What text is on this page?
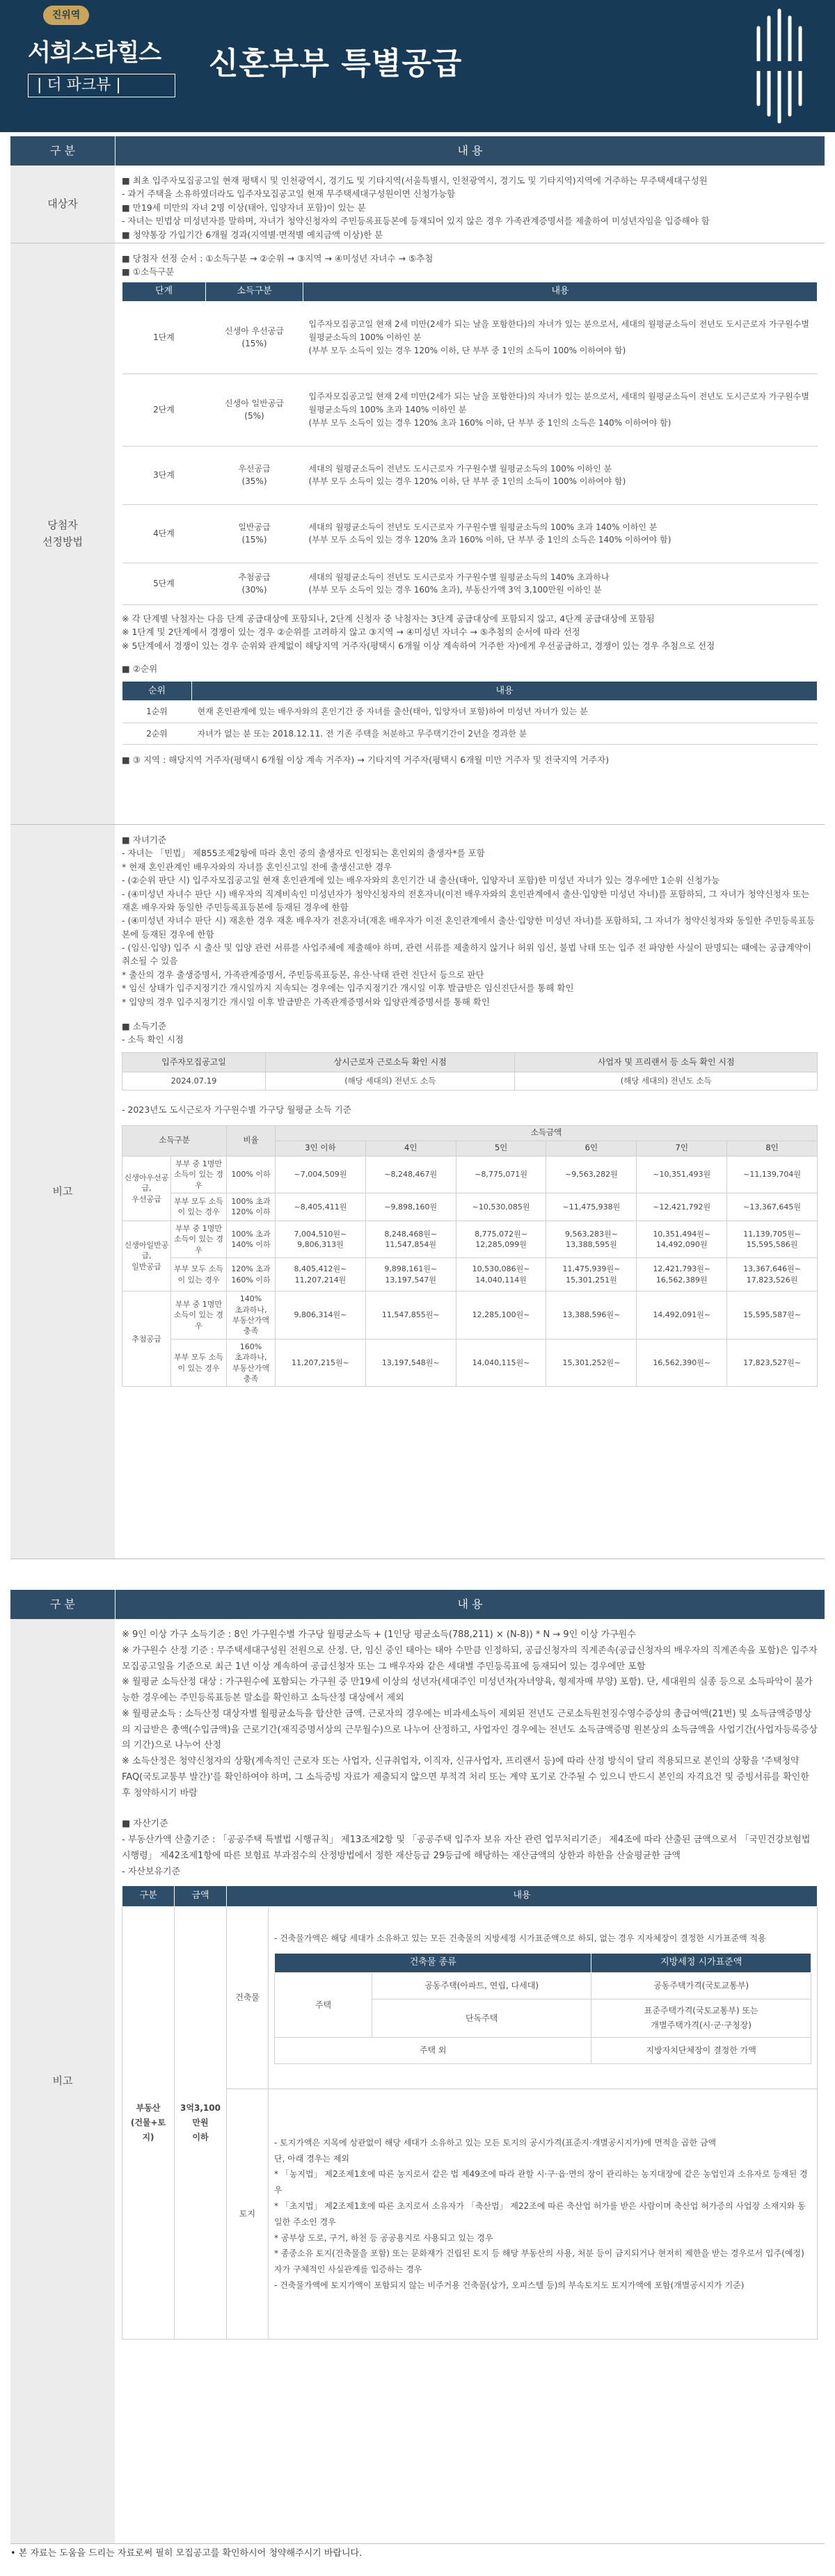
진위역
서희스타힐스
| 더 파크뷰 |
신혼부부 특별공급
구 분	내 용
대상자

■ 최초 입주자모집공고일 현재 평택시 및 인천광역시, 경기도 및 기타지역(서울특별시, 인천광역시, 경기도 및 기타지역)지역에 거주하는 무주택세대구성원

- 과거 주택을 소유하였더라도 입주자모집공고일 현재 무주택세대구성원이면 신청가능함

■ 만19세 미만의 자녀 2명 이상(태아, 입양자녀 포함)이 있는 분

- 자녀는 민법상 미성년자를 말하며, 자녀가 청약신청자의 주민등록표등본에 등재되어 있지 않은 경우 가족관계증명서를 제출하여 미성년자임을 입증해야 함

■ 청약통장 가입기간 6개월 경과(지역별·면적별 예치금액 이상)한 분

당첨자
선정방법

■ 당첨자 선정 순서 : ①소득구분 → ②순위 → ③지역 → ④미성년 자녀수 → ⑤추첨

■ ①소득구분

단계	소득구분	내용
1단계	신생아 우선공급
(15%)	입주자모집공고일 현재 2세 미만(2세가 되는 날을 포함한다)의 자녀가 있는 분으로서, 세대의 월평균소득이 전년도 도시근로자 가구원수별 월평균소득의 100% 이하인 분
(부부 모두 소득이 있는 경우 120% 이하, 단 부부 중 1인의 소득이 100% 이하여야 함)
2단계	신생아 일반공급
(5%)	입주자모집공고일 현재 2세 미만(2세가 되는 날을 포함한다)의 자녀가 있는 분으로서, 세대의 월평균소득이 전년도 도시근로자 가구원수별 월평균소득의 100% 초과 140% 이하인 분
(부부 모두 소득이 있는 경우 120% 초과 160% 이하, 단 부부 중 1인의 소득은 140% 이하여야 함)
3단계	우선공급
(35%)	세대의 월평균소득이 전년도 도시근로자 가구원수별 월평균소득의 100% 이하인 분
(부부 모두 소득이 있는 경우 120% 이하, 단 부부 중 1인의 소득이 100% 이하여야 함)
4단계	일반공급
(15%)	세대의 월평균소득이 전년도 도시근로자 가구원수별 월평균소득의 100% 초과 140% 이하인 분
(부부 모두 소득이 있는 경우 120% 초과 160% 이하, 단 부부 중 1인의 소득은 140% 이하여야 함)
5단계	추첨공급
(30%)	세대의 월평균소득이 전년도 도시근로자 가구원수별 월평균소득의 140% 초과하나
(부부 모두 소득이 있는 경우 160% 초과), 부동산가액 3억 3,100만원 이하인 분

※ 각 단계별 낙첨자는 다음 단계 공급대상에 포함되나, 2단계 신청자 중 낙첨자는 3단계 공급대상에 포함되지 않고, 4단계 공급대상에 포함됨

※ 1단계 및 2단계에서 경쟁이 있는 경우 ②순위를 고려하지 않고 ③지역 → ④미성년 자녀수 → ⑤추첨의 순서에 따라 선정

※ 5단계에서 경쟁이 있는 경우 순위와 관계없이 해당지역 거주자(평택시 6개월 이상 계속하여 거주한 자)에게 우선공급하고, 경쟁이 있는 경우 추첨으로 선정

■ ②순위

순위	내용
1순위	현재 혼인관계에 있는 배우자와의 혼인기간 중 자녀를 출산(태아, 입양자녀 포함)하여 미성년 자녀가 있는 분
2순위	자녀가 없는 분 또는 2018.12.11. 전 기존 주택을 처분하고 무주택기간이 2년을 경과한 분

■ ③ 지역 : 해당지역 거주자(평택시 6개월 이상 계속 거주자) → 기타지역 거주자(평택시 6개월 미만 거주자 및 전국지역 거주자)

비고

■ 자녀기준

- 자녀는 「민법」 제855조제2항에 따라 혼인 중의 출생자로 인정되는 혼인외의 출생자*를 포함

* 현재 혼인관계인 배우자와의 자녀를 혼인신고일 전에 출생신고한 경우

- (②순위 판단 시) 입주자모집공고일 현재 혼인관계에 있는 배우자와의 혼인기간 내 출산(태아, 입양자녀 포함)한 미성년 자녀가 있는 경우에만 1순위 신청가능

- (④미성년 자녀수 판단 시) 배우자의 직계비속인 미성년자가 청약신청자의 전혼자녀(이전 배우자와의 혼인관계에서 출산·입양한 미성년 자녀)를 포함하되, 그 자녀가 청약신청자 또는 재혼 배우자와 동일한 주민등록표등본에 등재된 경우에 한함

- (④미성년 자녀수 판단 시) 재혼한 경우 재혼 배우자가 전혼자녀(재혼 배우자가 이전 혼인관계에서 출산·입양한 미성년 자녀)를 포함하되, 그 자녀가 청약신청자와 동일한 주민등록표등본에 등재된 경우에 한함

- (임신·입양) 입주 시 출산 및 입양 관련 서류를 사업주체에 제출해야 하며, 관련 서류를 제출하지 않거나 허위 임신, 불법 낙태 또는 입주 전 파양한 사실이 판명되는 때에는 공급계약이 취소될 수 있음

* 출산의 경우 출생증명서, 가족관계증명서, 주민등록표등본, 유산·낙태 관련 진단서 등으로 판단

* 임신 상태가 입주지정기간 개시일까지 지속되는 경우에는 입주지정기간 개시일 이후 발급받은 임신진단서를 통해 확인

* 입양의 경우 입주지정기간 개시일 이후 발급받은 가족관계증명서와 입양관계증명서를 통해 확인

■ 소득기준

- 소득 확인 시점

입주자모집공고일	상시근로자 근로소득 확인 시점	사업자 및 프리랜서 등 소득 확인 시점
2024.07.19	(해당 세대의) 전년도 소득	(해당 세대의) 전년도 소득

- 2023년도 도시근로자 가구원수별 가구당 월평균 소득 기준

소득구분		비율	소득금액					
			3인 이하	4인	5인	6인	7인	8인
신생아우선공급,
우선공급	부부 중 1명만 소득이 있는 경우	100% 이하	~7,004,509원	~8,248,467원	~8,775,071원	~9,563,282원	~10,351,493원	~11,139,704원
	부부 모두 소득이 있는 경우	100% 초과
120% 이하	~8,405,411원	~9,898,160원	~10,530,085원	~11,475,938원	~12,421,792원	~13,367,645원
신생아일반공급,
일반공급	부부 중 1명만 소득이 있는 경우	100% 초과
140% 이하	7,004,510원~
9,806,313원	8,248,468원~
11,547,854원	8,775,072원~
12,285,099원	9,563,283원~
13,388,595원	10,351,494원~
14,492,090원	11,139,705원~
15,595,586원
	부부 모두 소득이 있는 경우	120% 초과
160% 이하	8,405,412원~
11,207,214원	9,898,161원~
13,197,547원	10,530,086원~
14,040,114원	11,475,939원~
15,301,251원	12,421,793원~
16,562,389원	13,367,646원~
17,823,526원
추첨공급	부부 중 1명만 소득이 있는 경우	140%
초과하나,
부동산가액
충족	9,806,314원~	11,547,855원~	12,285,100원~	13,388,596원~	14,492,091원~	15,595,587원~
	부부 모두 소득이 있는 경우	160%
초과하나,
부동산가액
충족	11,207,215원~	13,197,548원~	14,040,115원~	15,301,252원~	16,562,390원~	17,823,527원~
구 분	내 용
비고

※ 9인 이상 가구 소득기준 : 8인 가구원수별 가구당 월평균소득 + (1인당 평균소득(788,211) × (N-8)) * N → 9인 이상 가구원수

※ 가구원수 산정 기준 : 무주택세대구성원 전원으로 산정. 단, 임신 중인 태아는 태아 수만큼 인정하되, 공급신청자의 직계존속(공급신청자의 배우자의 직계존속을 포함)은 입주자모집공고일을 기준으로 최근 1년 이상 계속하여 공급신청자 또는 그 배우자와 같은 세대별 주민등록표에 등재되어 있는 경우에만 포함

※ 월평균 소득산정 대상 : 가구원수에 포함되는 가구원 중 만19세 이상의 성년자(세대주인 미성년자(자녀양육, 형제자매 부양) 포함). 단, 세대원의 실종 등으로 소득파악이 불가능한 경우에는 주민등록표등본 말소를 확인하고 소득산정 대상에서 제외

※ 월평균소득 : 소득산정 대상자별 월평균소득을 합산한 금액. 근로자의 경우에는 비과세소득이 제외된 전년도 근로소득원천징수영수증상의 총급여액(21번) 및 소득금액증명상의 지급받은 총액(수입금액)을 근로기간(재직증명서상의 근무월수)으로 나누어 산정하고, 사업자인 경우에는 전년도 소득금액증명 원본상의 소득금액을 사업기간(사업자등록증상의 기간)으로 나누어 산정

※ 소득산정은 청약신청자의 상황(계속적인 근로자 또는 사업자, 신규취업자, 이직자, 신규사업자, 프리랜서 등)에 따라 산정 방식이 달리 적용되므로 본인의 상황을 '주택청약 FAQ(국토교통부 발간)'를 확인하여야 하며, 그 소득증빙 자료가 제출되지 않으면 부적격 처리 또는 계약 포기로 간주될 수 있으니 반드시 본인의 자격요건 및 증빙서류를 확인한 후 청약하시기 바람

■ 자산기준

- 부동산가액 산출기준 : 「공공주택 특별법 시행규칙」 제13조제2항 및 「공공주택 입주자 보유 자산 관련 업무처리기준」 제4조에 따라 산출된 금액으로서 「국민건강보험법 시행령」 제42조제1항에 따른 보험료 부과점수의 산정방법에서 정한 재산등급 29등급에 해당하는 재산금액의 상한과 하한을 산술평균한 금액

- 자산보유기준

구분	금액	내용
부동산
(건물+토지)	3억3,100만원
이하	건축물	

- 건축물가액은 해당 세대가 소유하고 있는 모든 건축물의 지방세정 시가표준액으로 하되, 없는 경우 지자체장이 결정한 시가표준액 적용

건축물 종류	지방세정 시가표준액
주택	공동주택(아파트, 연립, 다세대)	공동주택가격(국토교통부)
단독주택	표준주택가격(국토교통부) 또는
개별주택가격(시·군·구청장)
주택 외	지방자치단체장이 결정한 가액

토지	

- 토지가액은 지목에 상관없이 해당 세대가 소유하고 있는 모든 토지의 공시가격(표준지·개별공시지가)에 면적을 곱한 금액

단, 아래 경우는 제외

* 「농지법」 제2조제1호에 따른 농지로서 같은 법 제49조에 따라 관할 시·구·읍·면의 장이 관리하는 농지대장에 같은 농업인과 소유자로 등재된 경우

* 「초지법」 제2조제1호에 따른 초지로서 소유자가 「축산법」 제22조에 따른 축산업 허가를 받은 사람이며 축산업 허가증의 사업장 소재지와 동일한 주소인 경우

* 공부상 도로, 구거, 하천 등 공공용지로 사용되고 있는 경우

* 종중소유 토지(건축물을 포함) 또는 문화재가 건립된 토지 등 해당 부동산의 사용, 처분 등이 금지되거나 현저히 제한을 받는 경우로서 입주(예정)자가 구체적인 사실관계를 입증하는 경우

- 건축물가액에 토지가액이 포함되지 않는 비주거용 건축물(상가, 오피스텔 등)의 부속토지도 토지가액에 포함(개별공시지가 기준)

• 본 자료는 도움을 드리는 자료로써 필히 모집공고를 확인하시어 청약해주시기 바랍니다.
